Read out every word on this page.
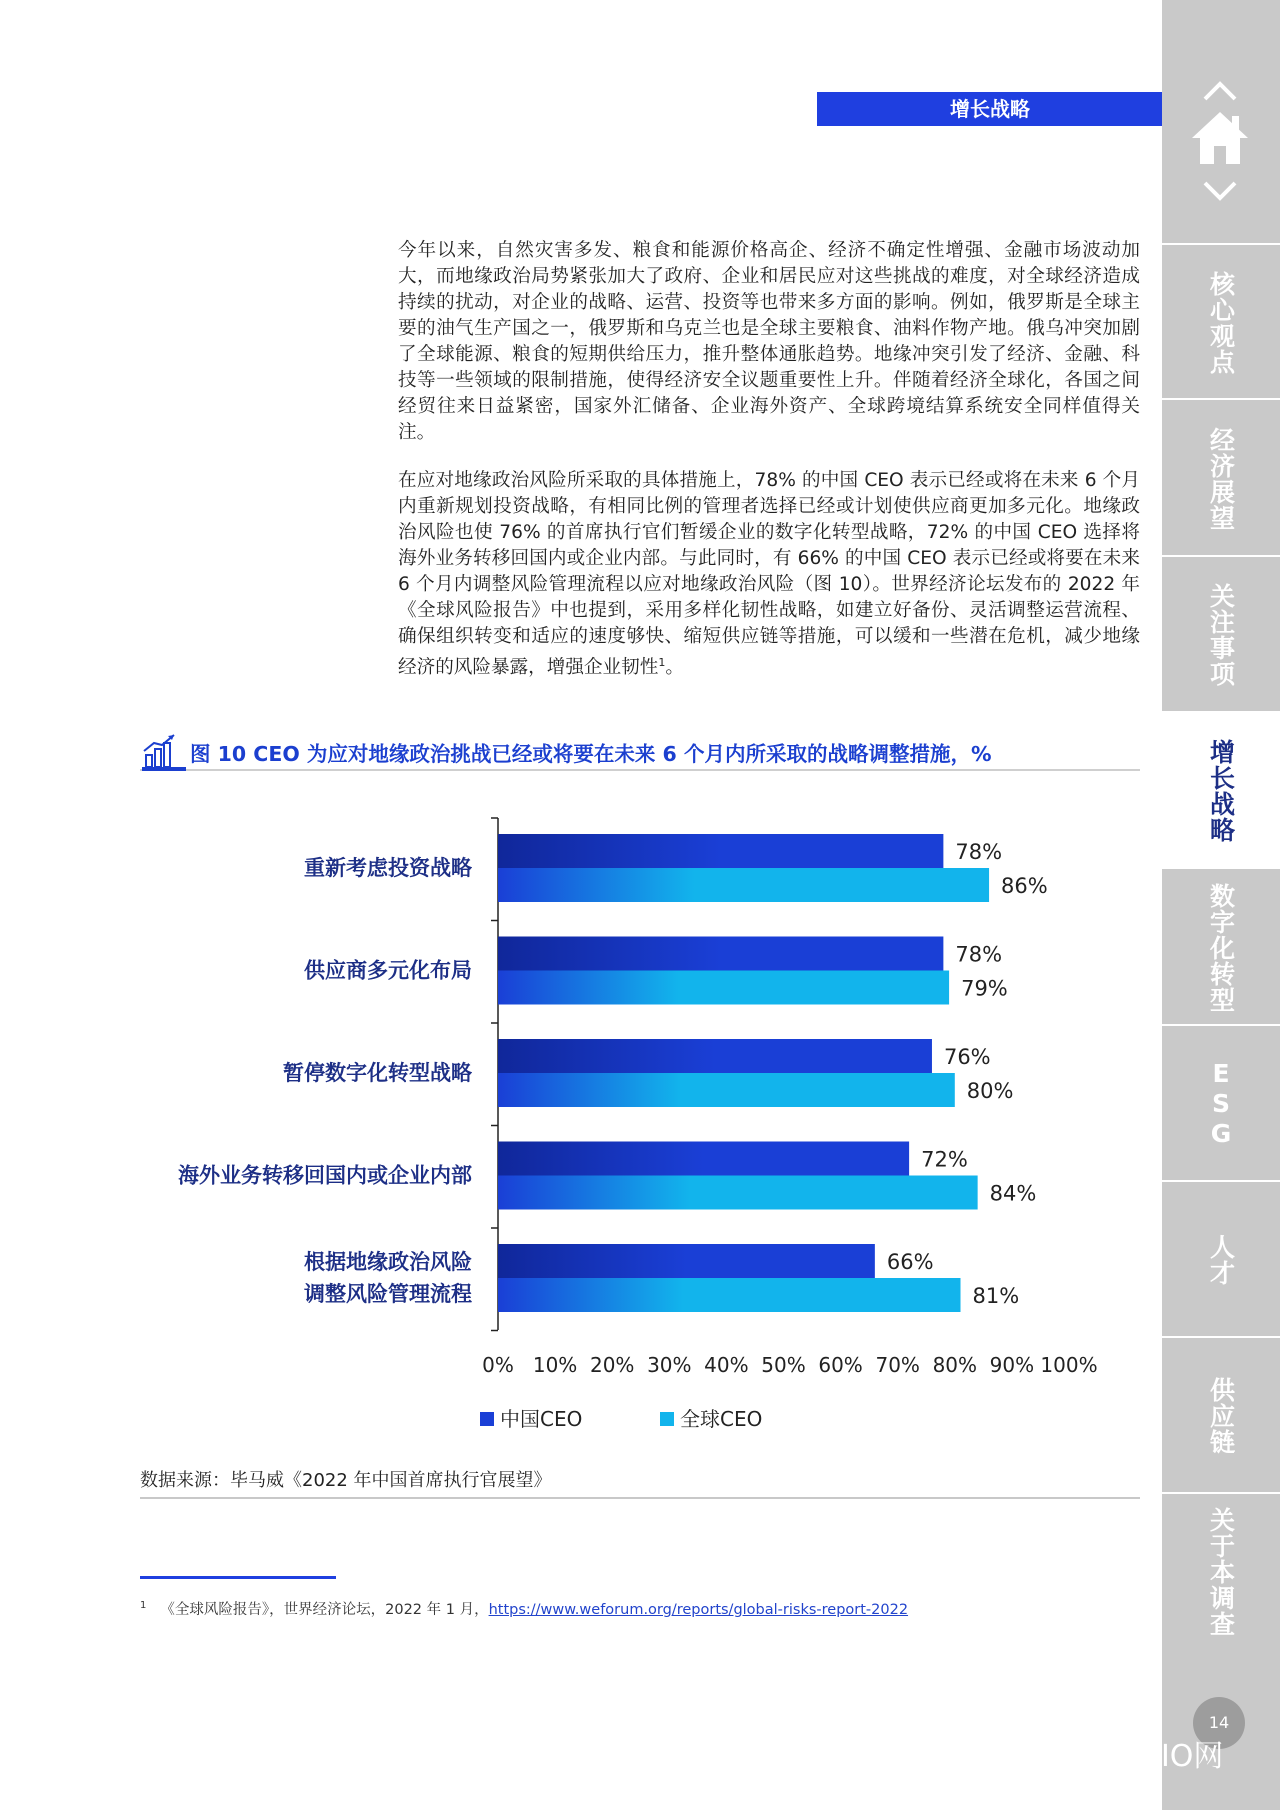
增长战略

今年以来，自然灾害多发、粮食和能源价格高企、经济不确定性增强、金融市场波动加大，而地缘政治局势紧张加大了政府、企业和居民应对这些挑战的难度，对全球经济造成持续的扰动，对企业的战略、运营、投资等也带来多方面的影响。例如，俄罗斯是全球主要的油气生产国之一，俄罗斯和乌克兰也是全球主要粮食、油料作物产地。俄乌冲突加剧了全球能源、粮食的短期供给压力，推升整体通胀趋势。地缘冲突引发了经济、金融、科技等一些领域的限制措施，使得经济安全议题重要性上升。伴随着经济全球化，各国之间经贸往来日益紧密，国家外汇储备、企业海外资产、全球跨境结算系统安全同样值得关注。

在应对地缘政治风险所采取的具体措施上，78% 的中国 CEO 表示已经或将在未来 6 个月内重新规划投资战略，有相同比例的管理者选择已经或计划使供应商更加多元化。地缘政治风险也使 76% 的首席执行官们暂缓企业的数字化转型战略，72% 的中国 CEO 选择将海外业务转移回国内或企业内部。与此同时，有 66% 的中国 CEO 表示已经或将要在未来 6 个月内调整风险管理流程以应对地缘政治风险（图 10）。世界经济论坛发布的 2022 年《全球风险报告》中也提到，采用多样化韧性战略，如建立好备份、灵活调整运营流程、确保组织转变和适应的速度够快、缩短供应链等措施，可以缓和一些潜在危机，减少地缘经济的风险暴露，增强企业韧性$^1$。

图 10 CEO 为应对地缘政治挑战已经或将要在未来 6 个月内所采取的战略调整措施，%
重新考虑投资战略
78%
86%
供应商多元化布局
78%
79%
暂停数字化转型战略
76%
80%
海外业务转移回国内或企业内部
72%
84%
根据地缘政治风险
调整风险管理流程
66%
81%
0% 10% 20% 30% 40% 50% 60% 70% 80% 90% 100%
中国CEO	全球CEO
数据来源：毕马威《2022 年中国首席执行官展望》
$^1$ 《全球风险报告》，世界经济论坛，2022 年 1 月，https://www.weforum.org/reports/global-risks-report-2022
核心观点
经济展望
关注事项
增长战略
数字化转型
ESG
人才
供应链
关于本调查
14
福建CIO网
